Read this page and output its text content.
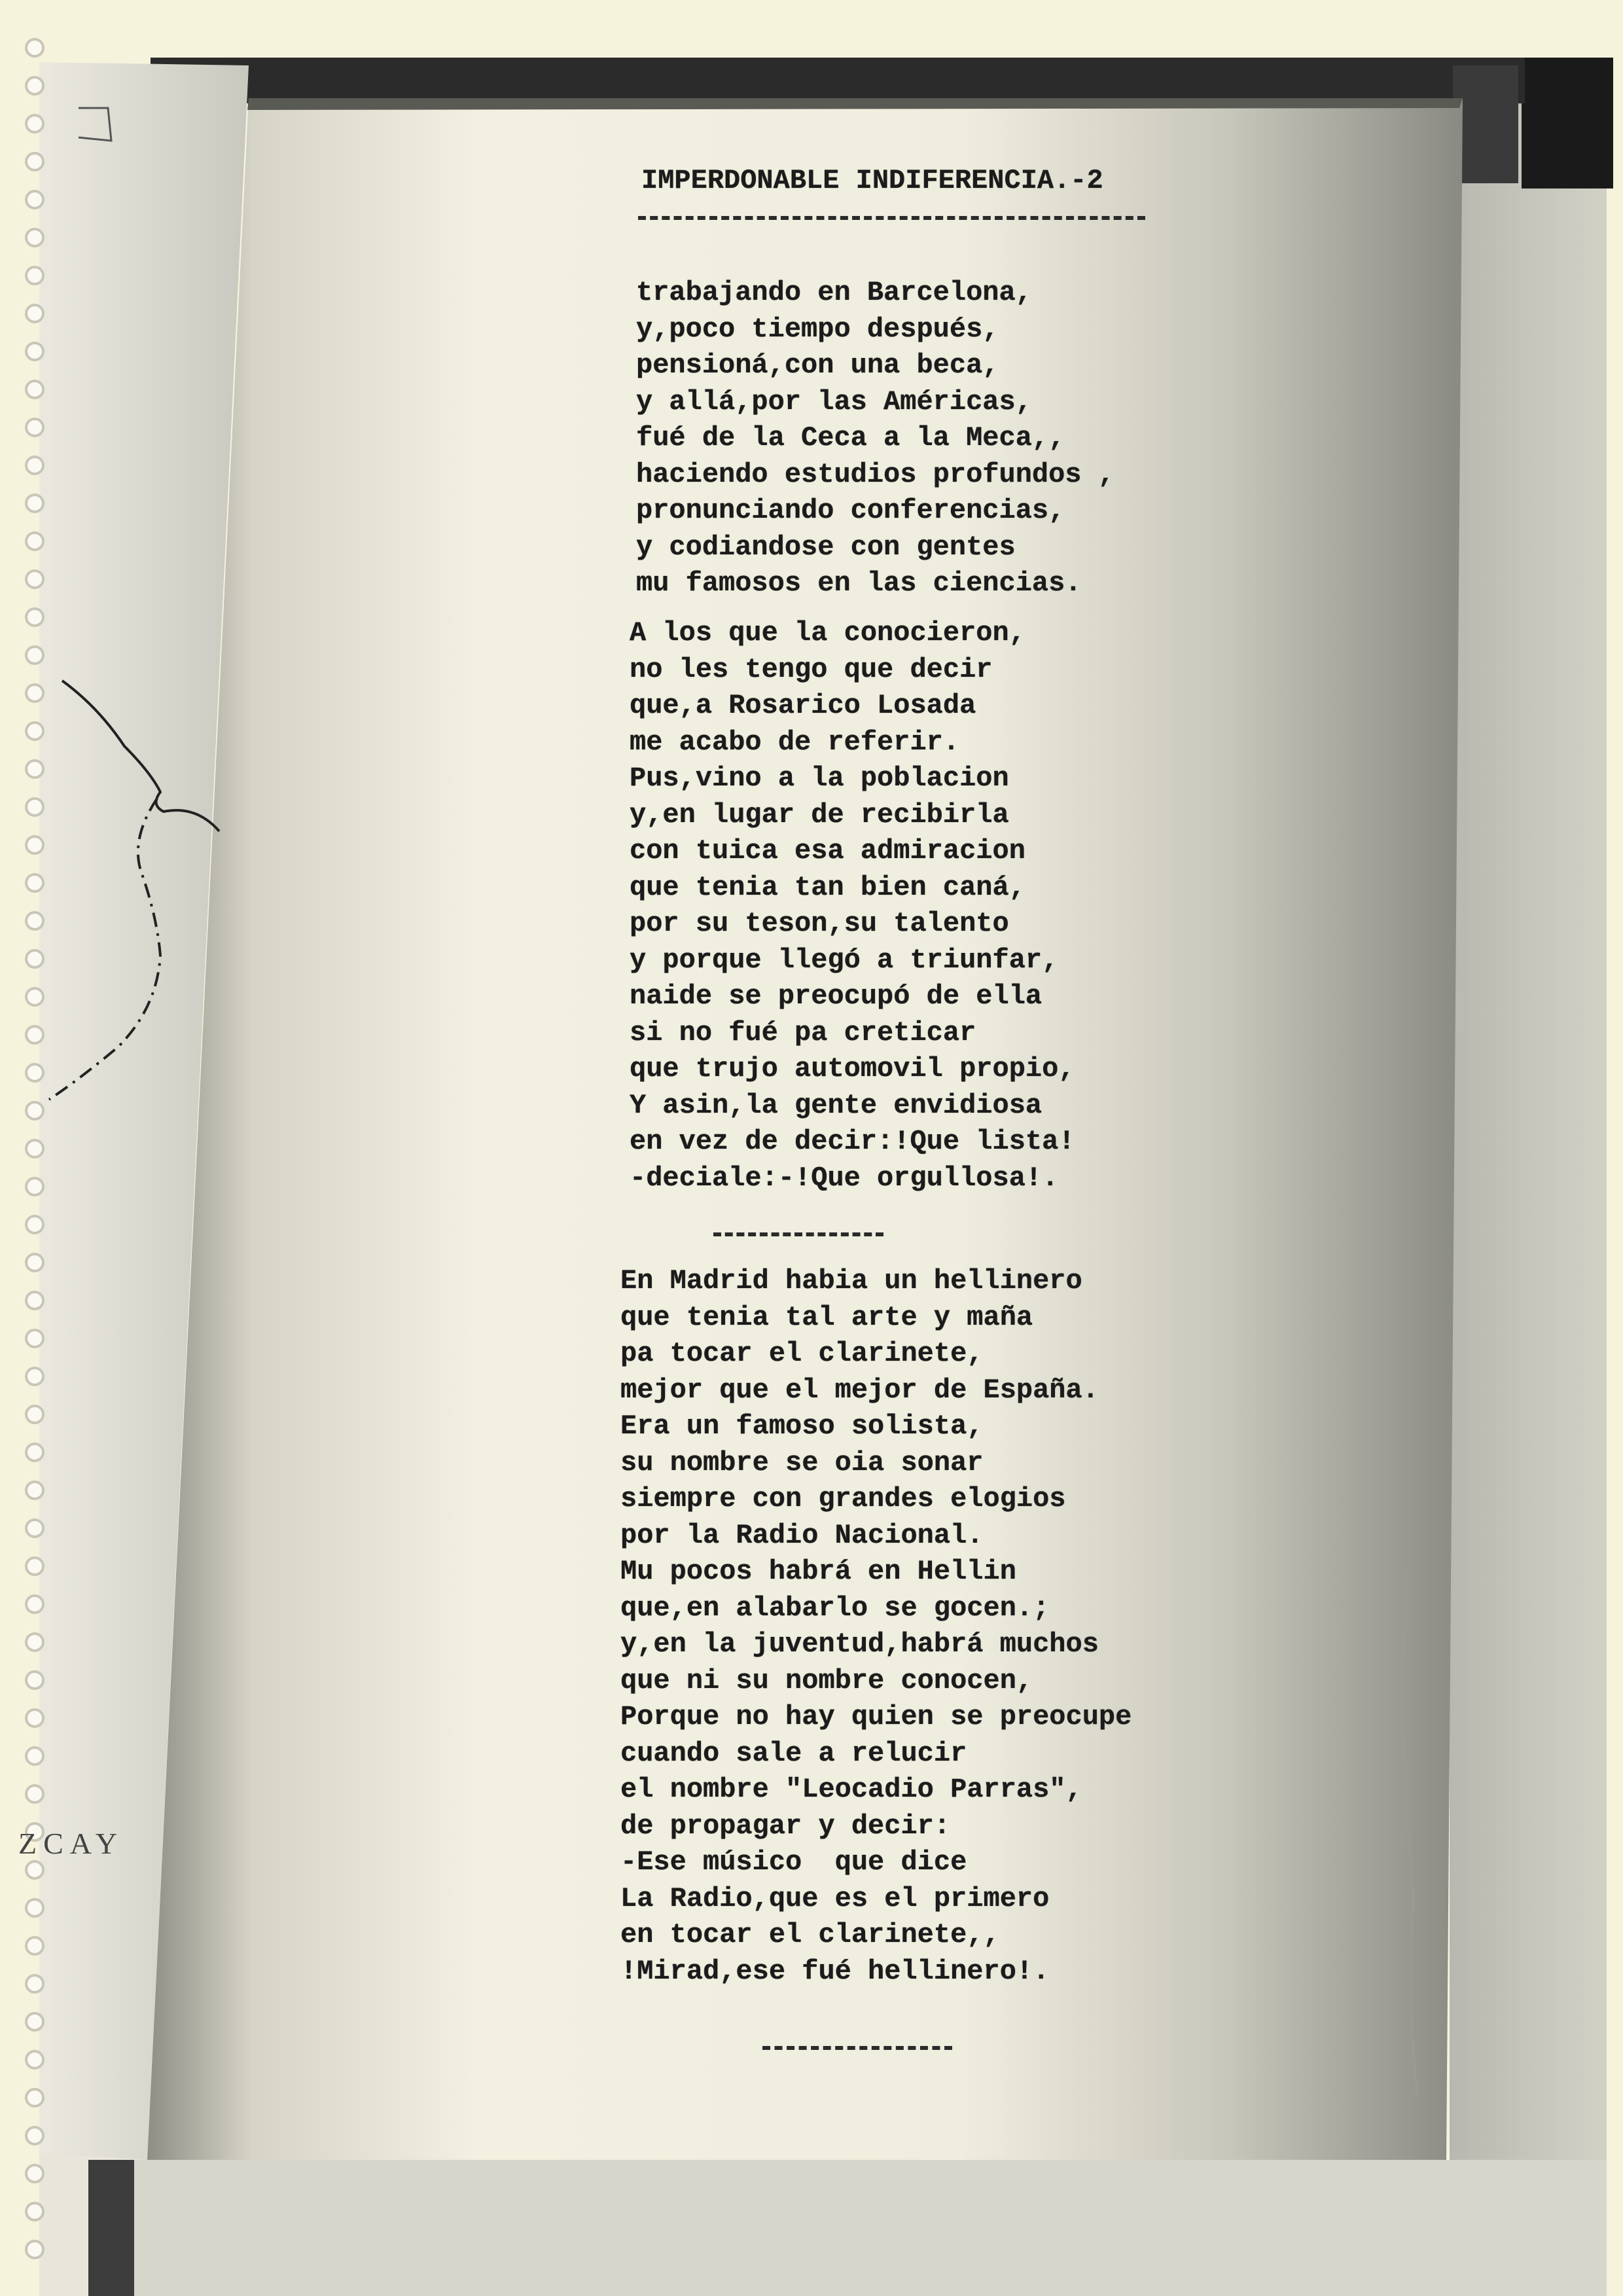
ZCAY
IMPERDONABLE INDIFERENCIA.-2
trabajando en Barcelona,
y,poco tiempo después,
pensioná,con una beca,
y allá,por las Américas,
fué de la Ceca a la Meca,,
haciendo estudios profundos ,
pronunciando conferencias,
y codiandose con gentes
mu famosos en las ciencias.
A los que la conocieron,
no les tengo que decir
que,a Rosarico Losada
me acabo de referir.
Pus,vino a la poblacion
y,en lugar de recibirla
con tuica esa admiracion
que tenia tan bien caná,
por su teson,su talento
y porque llegó a triunfar,
naide se preocupó de ella
si no fué pa creticar
que trujo automovil propio,
Y asin,la gente envidiosa
en vez de decir:!Que lista!
-deciale:-!Que orgullosa!.
En Madrid habia un hellinero
que tenia tal arte y maña
pa tocar el clarinete,
mejor que el mejor de España.
Era un famoso solista,
su nombre se oia sonar
siempre con grandes elogios
por la Radio Nacional.
Mu pocos habrá en Hellin
que,en alabarlo se gocen.;
y,en la juventud,habrá muchos
que ni su nombre conocen,
Porque no hay quien se preocupe
cuando sale a relucir
el nombre "Leocadio Parras",
de propagar y decir:
-Ese músico  que dice
La Radio,que es el primero
en tocar el clarinete,,
!Mirad,ese fué hellinero!.
